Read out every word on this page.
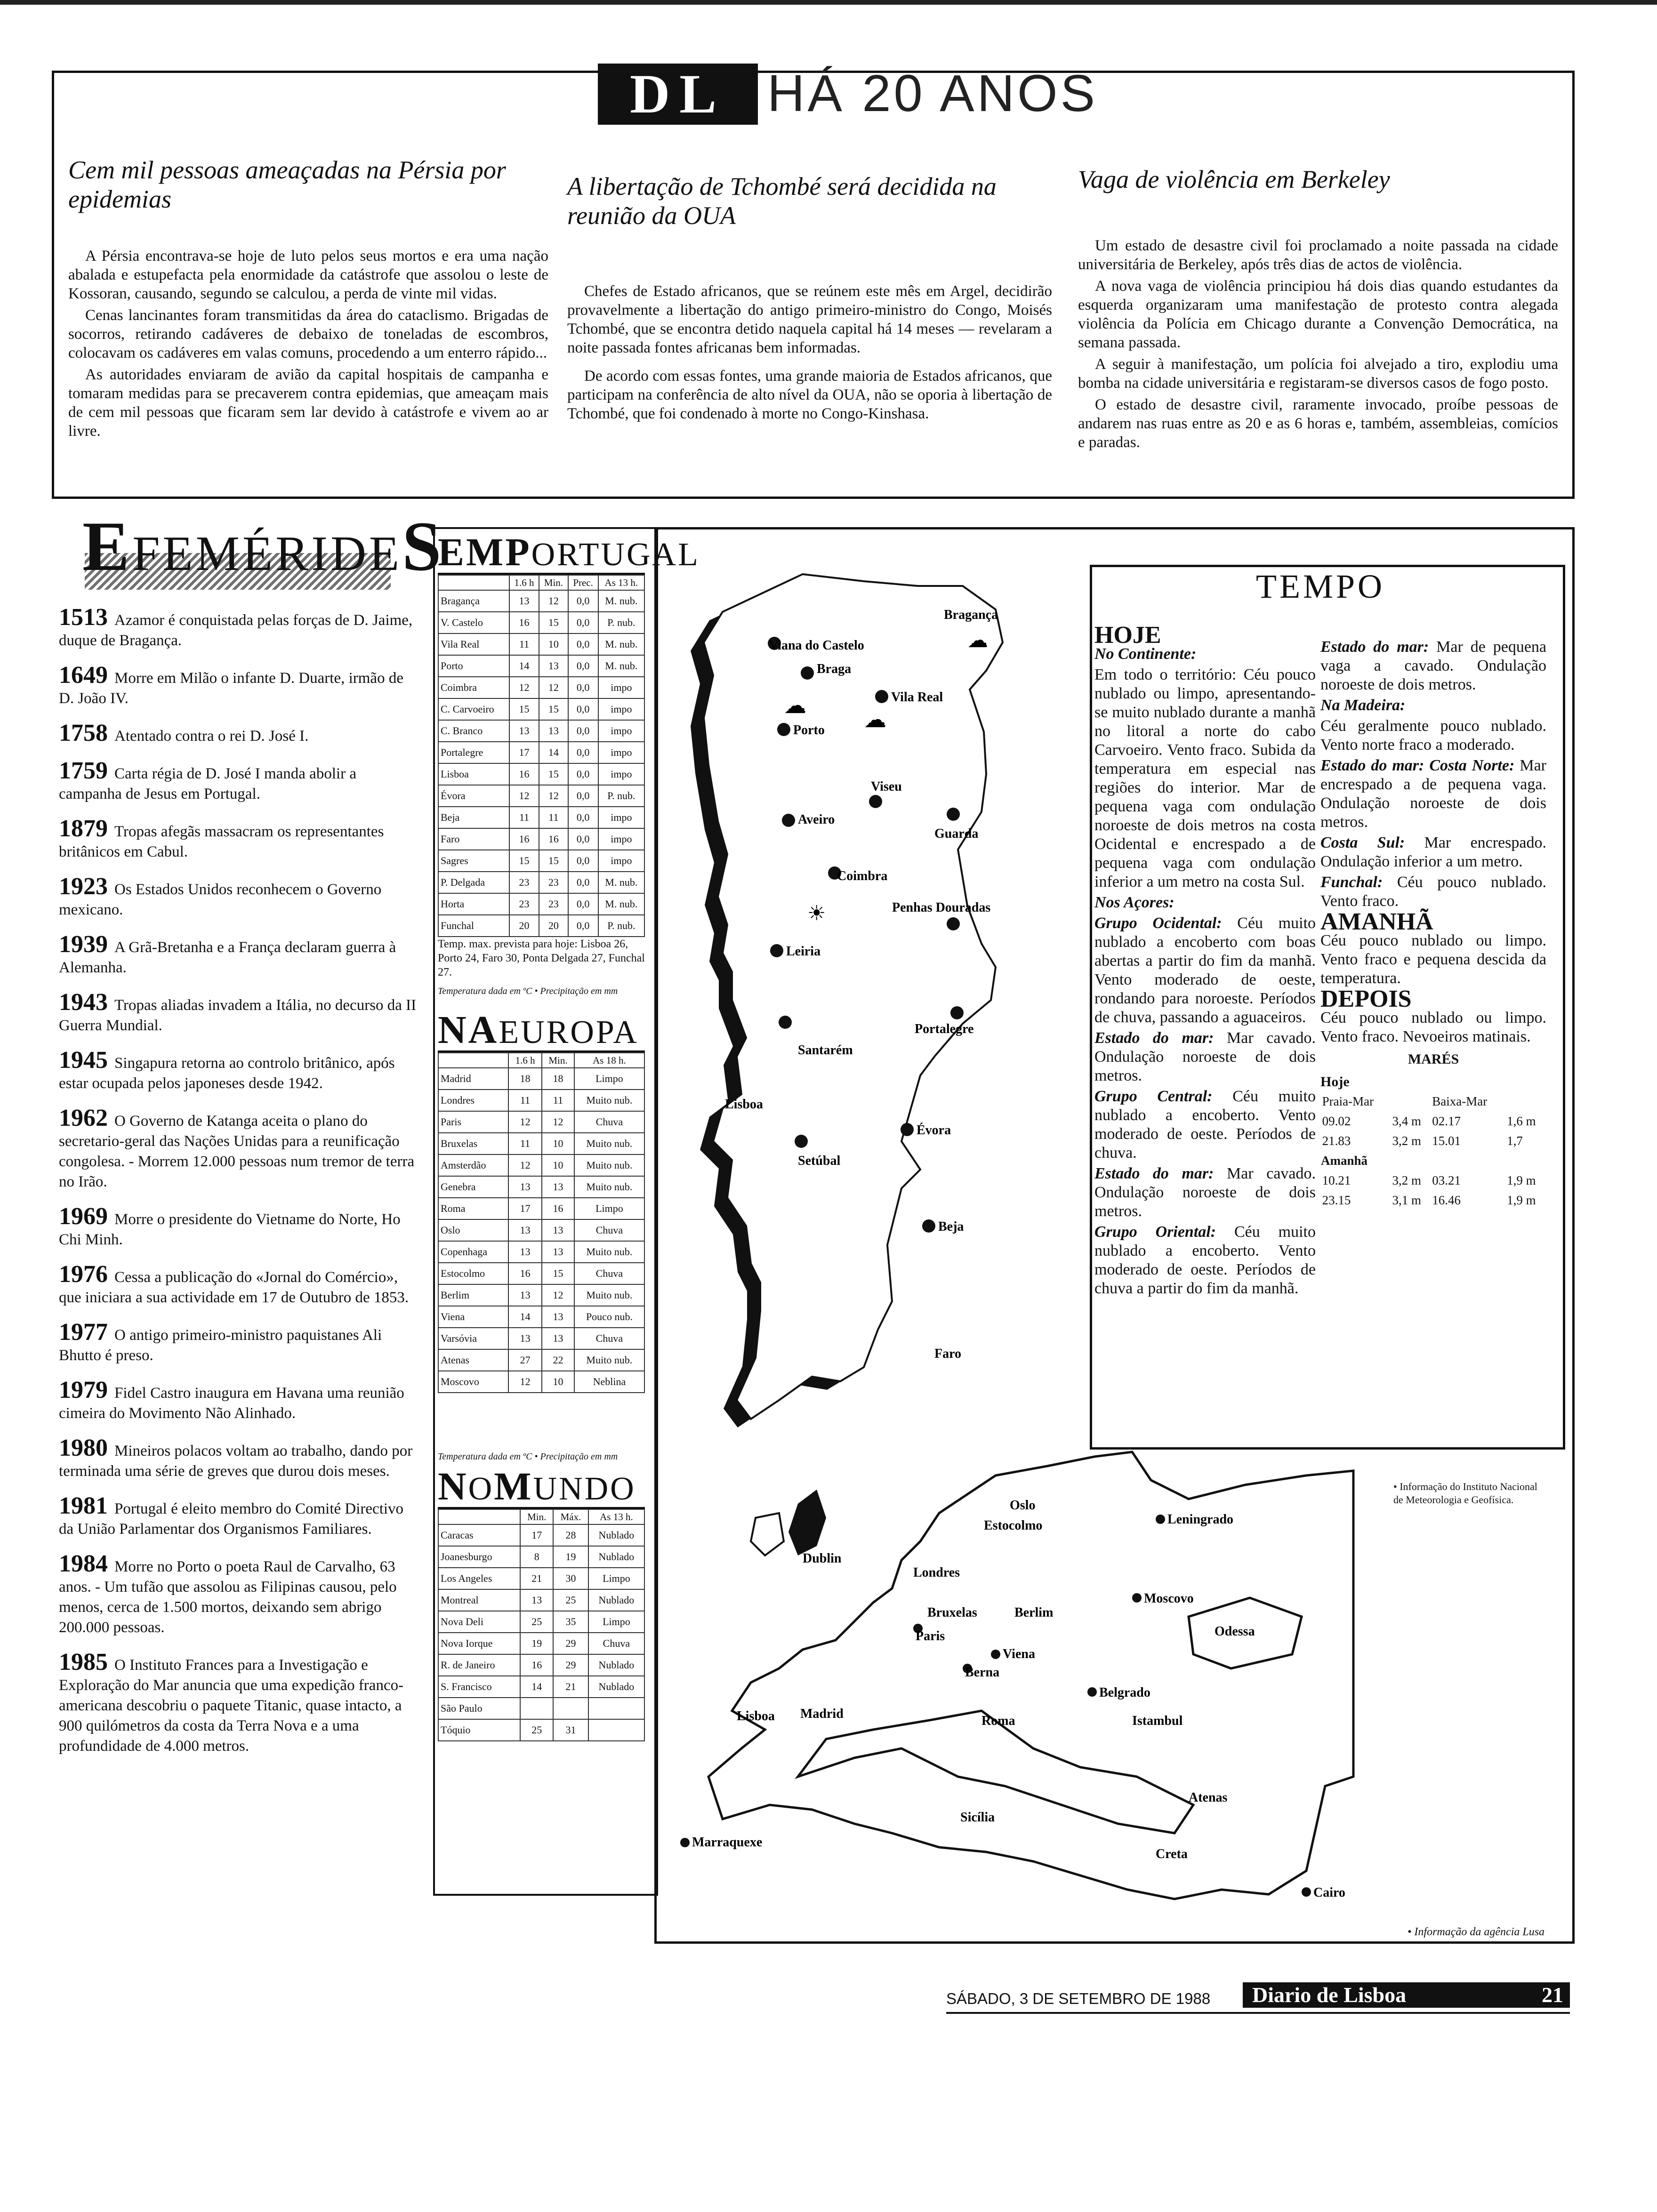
DL HÁ 20 ANOS
Cem mil pessoas ameaçadas na Pérsia por epidemias

A Pérsia encontrava-se hoje de luto pelos seus mortos e era uma nação abalada e estupefacta pela enormidade da catástrofe que assolou o leste de Kossoran, causando, segundo se calculou, a perda de vinte mil vidas.

Cenas lancinantes foram transmitidas da área do cataclismo. Brigadas de socorros, retirando cadáveres de debaixo de toneladas de escombros, colocavam os cadáveres em valas comuns, procedendo a um enterro rápido...

As autoridades enviaram de avião da capital hospitais de campanha e tomaram medidas para se precaverem contra epidemias, que ameaçam mais de cem mil pessoas que ficaram sem lar devido à catástrofe e vivem ao ar livre.

A libertação de Tchombé será decidida na reunião da OUA

Chefes de Estado africanos, que se reúnem este mês em Argel, decidirão provavelmente a libertação do antigo primeiro-ministro do Congo, Moisés Tchombé, que se encontra detido naquela capital há 14 meses — revelaram a noite passada fontes africanas bem informadas.

De acordo com essas fontes, uma grande maioria de Estados africanos, que participam na conferência de alto nível da OUA, não se oporia à libertação de Tchombé, que foi condenado à morte no Congo-Kinshasa.

Vaga de violência em Berkeley

Um estado de desastre civil foi proclamado a noite passada na cidade universitária de Berkeley, após três dias de actos de violência.

A nova vaga de violência principiou há dois dias quando estudantes da esquerda organizaram uma manifestação de protesto contra alegada violência da Polícia em Chicago durante a Convenção Democrática, na semana passada.

A seguir à manifestação, um polícia foi alvejado a tiro, explodiu uma bomba na cidade universitária e registaram-se diversos casos de fogo posto.

O estado de desastre civil, raramente invocado, proíbe pessoas de andarem nas ruas entre as 20 e as 6 horas e, também, assembleias, comícios e paradas.

EFEMÉRIDES
1513 Azamor é conquistada pelas forças de D. Jaime, duque de Bragança.
1649 Morre em Milão o infante D. Duarte, irmão de D. João IV.
1758 Atentado contra o rei D. José I.
1759 Carta régia de D. José I manda abolir a campanha de Jesus em Portugal.
1879 Tropas afegãs massacram os representantes britânicos em Cabul.
1923 Os Estados Unidos reconhecem o Governo mexicano.
1939 A Grã-Bretanha e a França declaram guerra à Alemanha.
1943 Tropas aliadas invadem a Itália, no decurso da II Guerra Mundial.
1945 Singapura retorna ao controlo britânico, após estar ocupada pelos japoneses desde 1942.
1962 O Governo de Katanga aceita o plano do secretario-geral das Nações Unidas para a reunificação congolesa. - Morrem 12.000 pessoas num tremor de terra no Irão.
1969 Morre o presidente do Vietname do Norte, Ho Chi Minh.
1976 Cessa a publicação do «Jornal do Comércio», que iniciara a sua actividade em 17 de Outubro de 1853.
1977 O antigo primeiro-ministro paquistanes Ali Bhutto é preso.
1979 Fidel Castro inaugura em Havana uma reunião cimeira do Movimento Não Alinhado.
1980 Mineiros polacos voltam ao trabalho, dando por terminada uma série de greves que durou dois meses.
1981 Portugal é eleito membro do Comité Directivo da União Parlamentar dos Organismos Familiares.
1984 Morre no Porto o poeta Raul de Carvalho, 63 anos. - Um tufão que assolou as Filipinas causou, pelo menos, cerca de 1.500 mortos, deixando sem abrigo 200.000 pessoas.
1985 O Instituto Frances para a Investigação e Exploração do Mar anuncia que uma expedição franco-americana descobriu o paquete Titanic, quase intacto, a 900 quilómetros da costa da Terra Nova e a uma profundidade de 4.000 metros.
EMPORTUGAL
	1.6 h	Min.	Prec.	As 13 h.
Bragança	13	12	0,0	M. nub.
V. Castelo	16	15	0,0	P. nub.
Vila Real	11	10	0,0	M. nub.
Porto	14	13	0,0	M. nub.
Coimbra	12	12	0,0	impo
C. Carvoeiro	15	15	0,0	impo
C. Branco	13	13	0,0	impo
Portalegre	17	14	0,0	impo
Lisboa	16	15	0,0	impo
Évora	12	12	0,0	P. nub.
Beja	11	11	0,0	impo
Faro	16	16	0,0	impo
Sagres	15	15	0,0	impo
P. Delgada	23	23	0,0	M. nub.
Horta	23	23	0,0	M. nub.
Funchal	20	20	0,0	P. nub.
Temp. max. prevista para hoje: Lisboa 26, Porto 24, Faro 30, Ponta Delgada 27, Funchal 27.
Temperatura dada em ºC • Precipitação em mm
NAEUROPA
	1.6 h	Min.	As 18 h.
Madrid	18	18	Limpo
Londres	11	11	Muito nub.
Paris	12	12	Chuva
Bruxelas	11	10	Muito nub.
Amsterdão	12	10	Muito nub.
Genebra	13	13	Muito nub.
Roma	17	16	Limpo
Oslo	13	13	Chuva
Copenhaga	13	13	Muito nub.
Estocolmo	16	15	Chuva
Berlim	13	12	Muito nub.
Viena	14	13	Pouco nub.
Varsóvia	13	13	Chuva
Atenas	27	22	Muito nub.
Moscovo	12	10	Neblina
Temperatura dada em ºC • Precipitação em mm
NOMUNDO
	Min.	Máx.	As 13 h.
Caracas	17	28	Nublado
Joanesburgo	8	19	Nublado
Los Angeles	21	30	Limpo
Montreal	13	25	Nublado
Nova Deli	25	35	Limpo
Nova Iorque	19	29	Chuva
R. de Janeiro	16	29	Nublado
S. Francisco	14	21	Nublado
São Paulo			
Tóquio	25	31	
Viana do Castelo
Bragança
Braga
Vila Real
Porto
Viseu
Aveiro
Guarda
Coimbra
Penhas Douradas
Leiria
Portalegre
Santarém
Lisboa
Évora
Setúbal
Beja
Faro
☀
☁
☁
☁
Oslo
Estocolmo	Leningrado
Dublin
Londres
Moscovo
Bruxelas	Berlim
Paris	Odessa
Viena
Berna
Belgrado
Lisboa Madrid	Roma	Istambul
Atenas
Sicília
Marraquexe
Creta
Cairo
• Informação da agência Lusa
TEMPO
HOJE

No Continente:

Em todo o território: Céu pouco nublado ou limpo, apresentando-se muito nublado durante a manhã no litoral a norte do cabo Carvoeiro. Vento fraco. Subida da temperatura em especial nas regiões do interior. Mar de pequena vaga com ondulação noroeste de dois metros na costa Ocidental e encrespado a de pequena vaga com ondulação inferior a um metro na costa Sul.

Nos Açores:

Grupo Ocidental: Céu muito nublado a encoberto com boas abertas a partir do fim da manhã. Vento moderado de oeste, rondando para noroeste. Períodos de chuva, passando a aguaceiros.

Estado do mar: Mar cavado. Ondulação noroeste de dois metros.

Grupo Central: Céu muito nublado a encoberto. Vento moderado de oeste. Períodos de chuva.

Estado do mar: Mar cavado. Ondulação noroeste de dois metros.

Grupo Oriental: Céu muito nublado a encoberto. Vento moderado de oeste. Períodos de chuva a partir do fim da manhã.

Estado do mar: Mar de pequena vaga a cavado. Ondulação noroeste de dois metros.

Na Madeira:

Céu geralmente pouco nublado. Vento norte fraco a moderado.

Estado do mar: Costa Norte: Mar encrespado a de pequena vaga. Ondulação noroeste de dois metros.

Costa Sul: Mar encrespado. Ondulação inferior a um metro.

Funchal: Céu pouco nublado. Vento fraco.

AMANHÃ

Céu pouco nublado ou limpo. Vento fraco e pequena descida da temperatura.

DEPOIS

Céu pouco nublado ou limpo. Vento fraco. Nevoeiros matinais.

MARÉS
Hoje
	Praia-Mar		Baixa-Mar	
	09.02	3,4 m	02.17	1,6 m
	21.83	3,2 m	15.01	1,7
Amanhã				
	10.21	3,2 m	03.21	1,9 m
	23.15	3,1 m	16.46	1,9 m
• Informação do Instituto Nacional de Meteorologia e Geofísica.
SÁBADO, 3 DE SETEMBRO DE 1988	Diario de Lisboa	21
